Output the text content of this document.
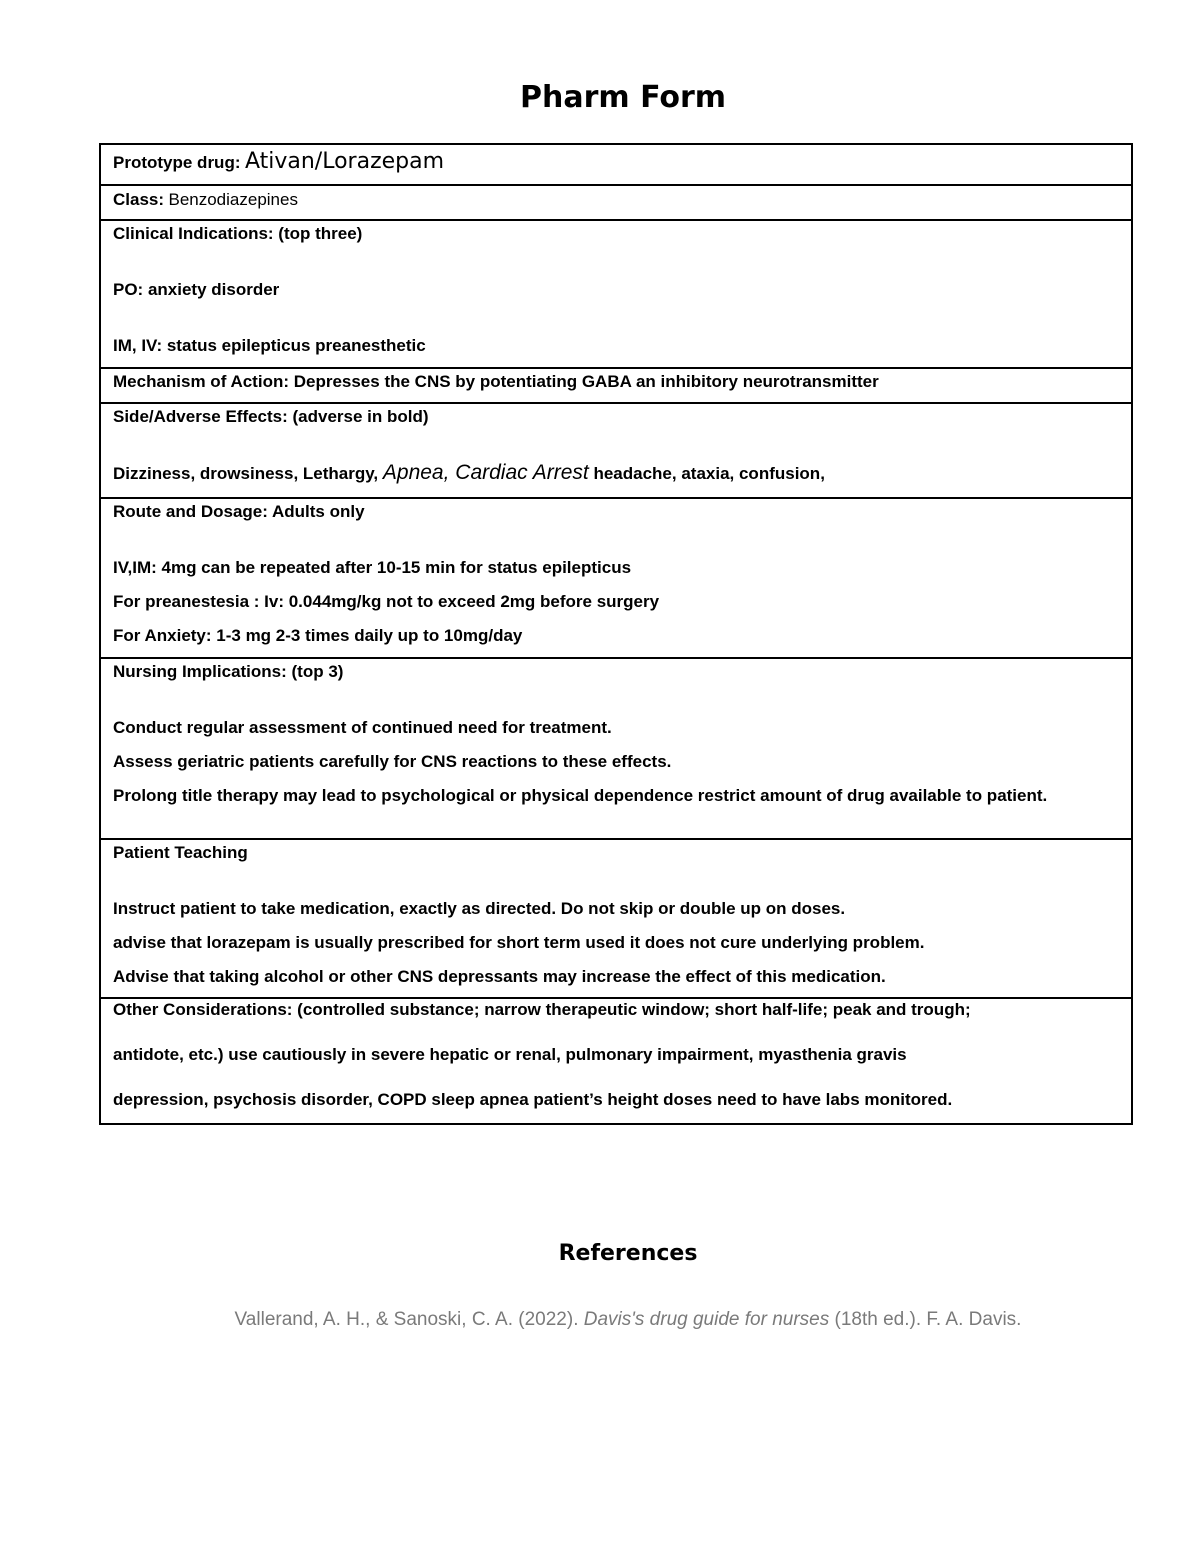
Pharm Form
Prototype drug: Ativan/Lorazepam
Class: Benzodiazepines
Clinical Indications: (top three)
PO: anxiety disorder
IM, IV: status epilepticus preanesthetic
Mechanism of Action: Depresses the CNS by potentiating GABA an inhibitory neurotransmitter
Side/Adverse Effects: (adverse in bold)
Dizziness, drowsiness, Lethargy, Apnea, Cardiac Arrest headache, ataxia, confusion,
Route and Dosage: Adults only
IV,IM: 4mg can be repeated after 10-15 min for status epilepticus
For preanestesia : Iv: 0.044mg/kg not to exceed 2mg before surgery
For Anxiety: 1-3 mg 2-3 times daily up to 10mg/day
Nursing Implications: (top 3)
Conduct regular assessment of continued need for treatment.
Assess geriatric patients carefully for CNS reactions to these effects.
Prolong title therapy may lead to psychological or physical dependence restrict amount of drug available to patient.
Patient Teaching
Instruct patient to take medication, exactly as directed. Do not skip or double up on doses.
advise that lorazepam is usually prescribed for short term used it does not cure underlying problem.
Advise that taking alcohol or other CNS depressants may increase the effect of this medication.
Other Considerations: (controlled substance; narrow therapeutic window; short half-life; peak and trough;
antidote, etc.) use cautiously in severe hepatic or renal, pulmonary impairment, myasthenia gravis
depression, psychosis disorder, COPD sleep apnea patient’s height doses need to have labs monitored.
References
Vallerand, A. H., & Sanoski, C. A. (2022). Davis's drug guide for nurses (18th ed.). F. A. Davis.
